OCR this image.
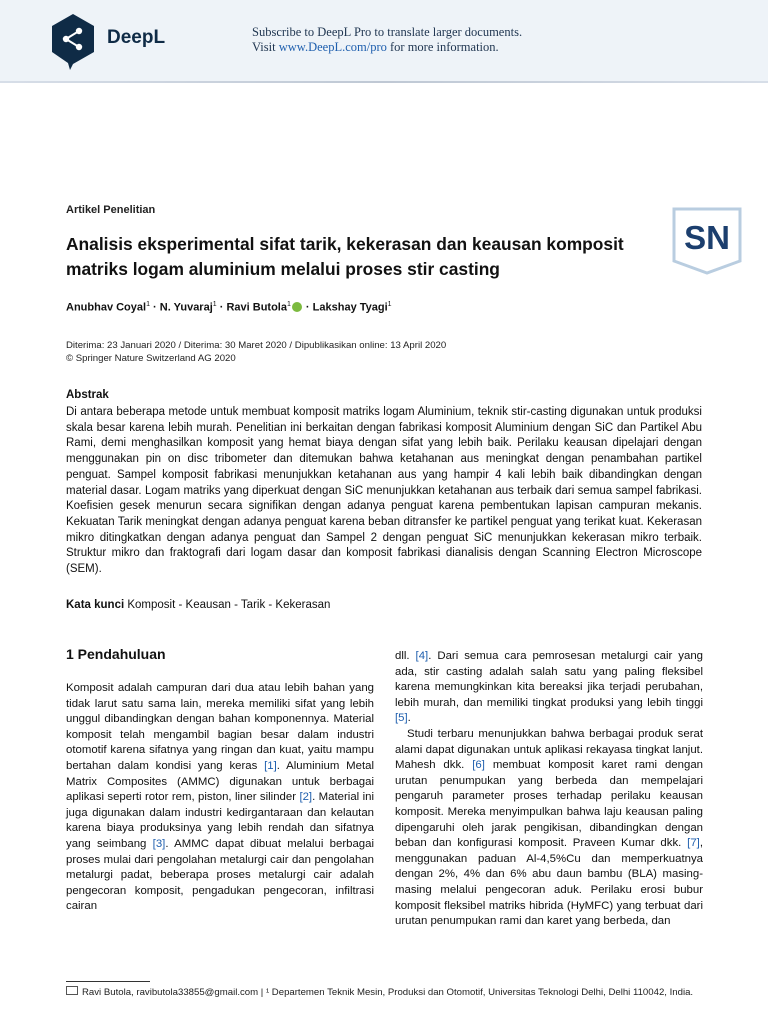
DeepL	Subscribe to DeepL Pro to translate larger documents.
Visit www.DeepL.com/pro for more information.
Artikel Penelitian
Analisis eksperimental sifat tarik, kekerasan dan keausan komposit matriks logam aluminium melalui proses stir casting
SN
Anubhav Coyal$^1$ · N. Yuvaraj$^1$ · Ravi Butola$^1$ · Lakshay Tyagi$^1$
Diterima: 23 Januari 2020 / Diterima: 30 Maret 2020 / Dipublikasikan online: 13 April 2020
© Springer Nature Switzerland AG 2020
Abstrak
Di antara beberapa metode untuk membuat komposit matriks logam Aluminium, teknik stir-casting digunakan untuk produksi skala besar karena lebih murah. Penelitian ini berkaitan dengan fabrikasi komposit Aluminium dengan SiC dan Partikel Abu Rami, demi menghasilkan komposit yang hemat biaya dengan sifat yang lebih baik. Perilaku keausan dipelajari dengan menggunakan pin on disc tribometer dan ditemukan bahwa ketahanan aus meningkat dengan penambahan partikel penguat. Sampel komposit fabrikasi menunjukkan ketahanan aus yang hampir 4 kali lebih baik dibandingkan dengan material dasar. Logam matriks yang diperkuat dengan SiC menunjukkan ketahanan aus terbaik dari semua sampel fabrikasi. Koefisien gesek menurun secara signifikan dengan adanya penguat karena pembentukan lapisan campuran mekanis. Kekuatan Tarik meningkat dengan adanya penguat karena beban ditransfer ke partikel penguat yang terikat kuat. Kekerasan mikro ditingkatkan dengan adanya penguat dan Sampel 2 dengan penguat SiC menunjukkan kekerasan mikro terbaik. Struktur mikro dan fraktografi dari logam dasar dan komposit fabrikasi dianalisis dengan Scanning Electron Microscope (SEM).
Kata kunci Komposit - Keausan - Tarik - Kekerasan
1 Pendahuluan

Komposit adalah campuran dari dua atau lebih bahan yang tidak larut satu sama lain, mereka memiliki sifat yang lebih unggul dibandingkan dengan bahan komponennya. Material komposit telah mengambil bagian besar dalam industri otomotif karena sifatnya yang ringan dan kuat, yaitu mampu bertahan dalam kondisi yang keras [1]. Aluminium Metal Matrix Composites (AMMC) digunakan untuk berbagai aplikasi seperti rotor rem, piston, liner silinder [2]. Material ini juga digunakan dalam industri kedirgantaraan dan kelautan karena biaya produksinya yang lebih rendah dan sifatnya yang seimbang [3]. AMMC dapat dibuat melalui berbagai proses mulai dari pengolahan metalurgi cair dan pengolahan metalurgi padat, beberapa proses metalurgi cair adalah pengecoran komposit, pengadukan pengecoran, infiltrasi cairan

dll. [4]. Dari semua cara pemrosesan metalurgi cair yang ada, stir casting adalah salah satu yang paling fleksibel karena memungkinkan kita bereaksi jika terjadi perubahan, lebih murah, dan memiliki tingkat produksi yang lebih tinggi [5].

Studi terbaru menunjukkan bahwa berbagai produk serat alami dapat digunakan untuk aplikasi rekayasa tingkat lanjut. Mahesh dkk. [6] membuat komposit karet rami dengan urutan penumpukan yang berbeda dan mempelajari pengaruh parameter proses terhadap perilaku keausan komposit. Mereka menyimpulkan bahwa laju keausan paling dipengaruhi oleh jarak pengikisan, dibandingkan dengan beban dan konfigurasi komposit. Praveen Kumar dkk. [7], menggunakan paduan Al-4,5%Cu dan memperkuatnya dengan 2%, 4% dan 6% abu daun bambu (BLA) masing-masing melalui pengecoran aduk. Perilaku erosi bubur komposit fleksibel matriks hibrida (HyMFC) yang terbuat dari urutan penumpukan rami dan karet yang berbeda, dan

Ravi Butola, ravibutola33855@gmail.com | ¹ Departemen Teknik Mesin, Produksi dan Otomotif, Universitas Teknologi Delhi, Delhi 110042, India.
